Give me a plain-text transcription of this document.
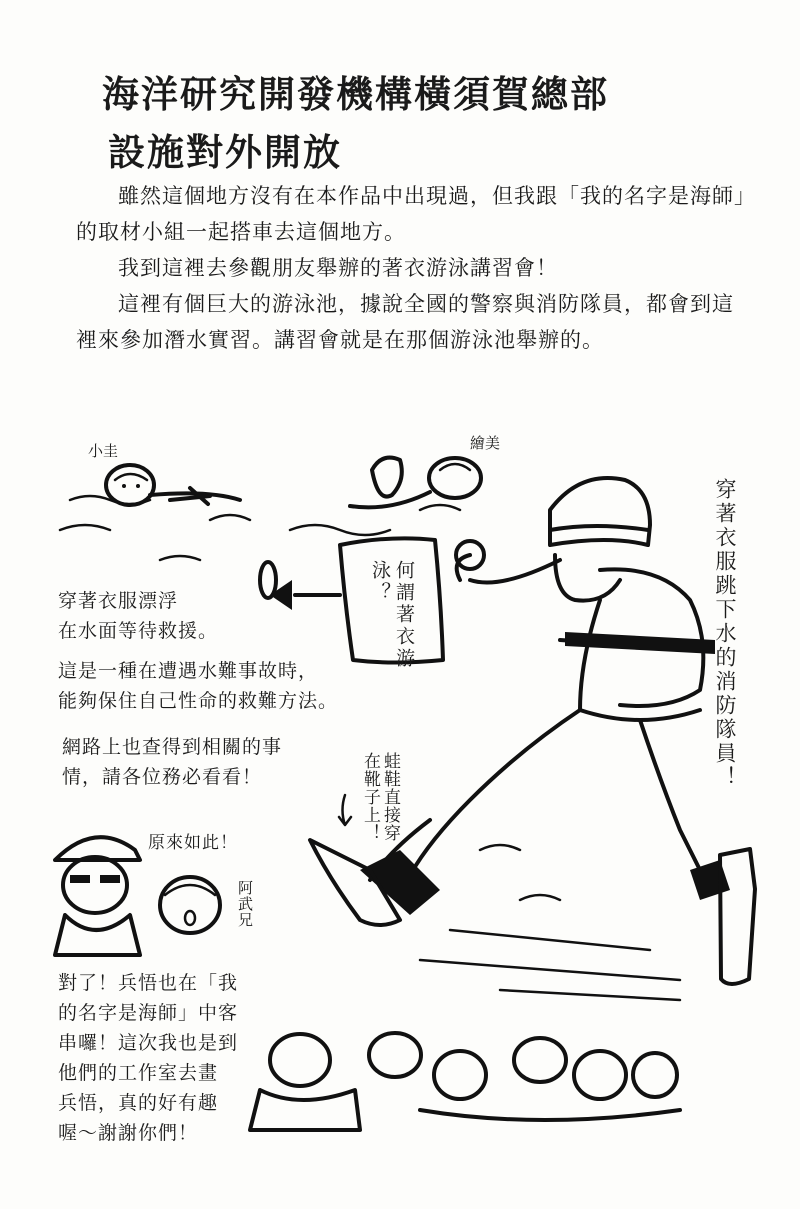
海洋研究開發機構橫須賀總部
設施對外開放

雖然這個地方沒有在本作品中出現過，但我跟「我的名字是海師」的取材小組一起搭車去這個地方。

我到這裡去參觀朋友舉辦的著衣游泳講習會！

這裡有個巨大的游泳池，據說全國的警察與消防隊員，都會到這裡來參加潛水實習。講習會就是在那個游泳池舉辦的。

小圭	繪美
阿武兄
何謂著衣游泳？	穿著衣服跳下水的消防隊員！
蛙鞋直接穿在靴子上！
穿著衣服漂浮
在水面等待救援。
這是一種在遭遇水難事故時，
能夠保住自己性命的救難方法。
網路上也查得到相關的事
情，請各位務必看看！
原來如此！
對了！兵悟也在「我
的名字是海師」中客
串囉！這次我也是到
他們的工作室去畫
兵悟，真的好有趣
喔～謝謝你們！
